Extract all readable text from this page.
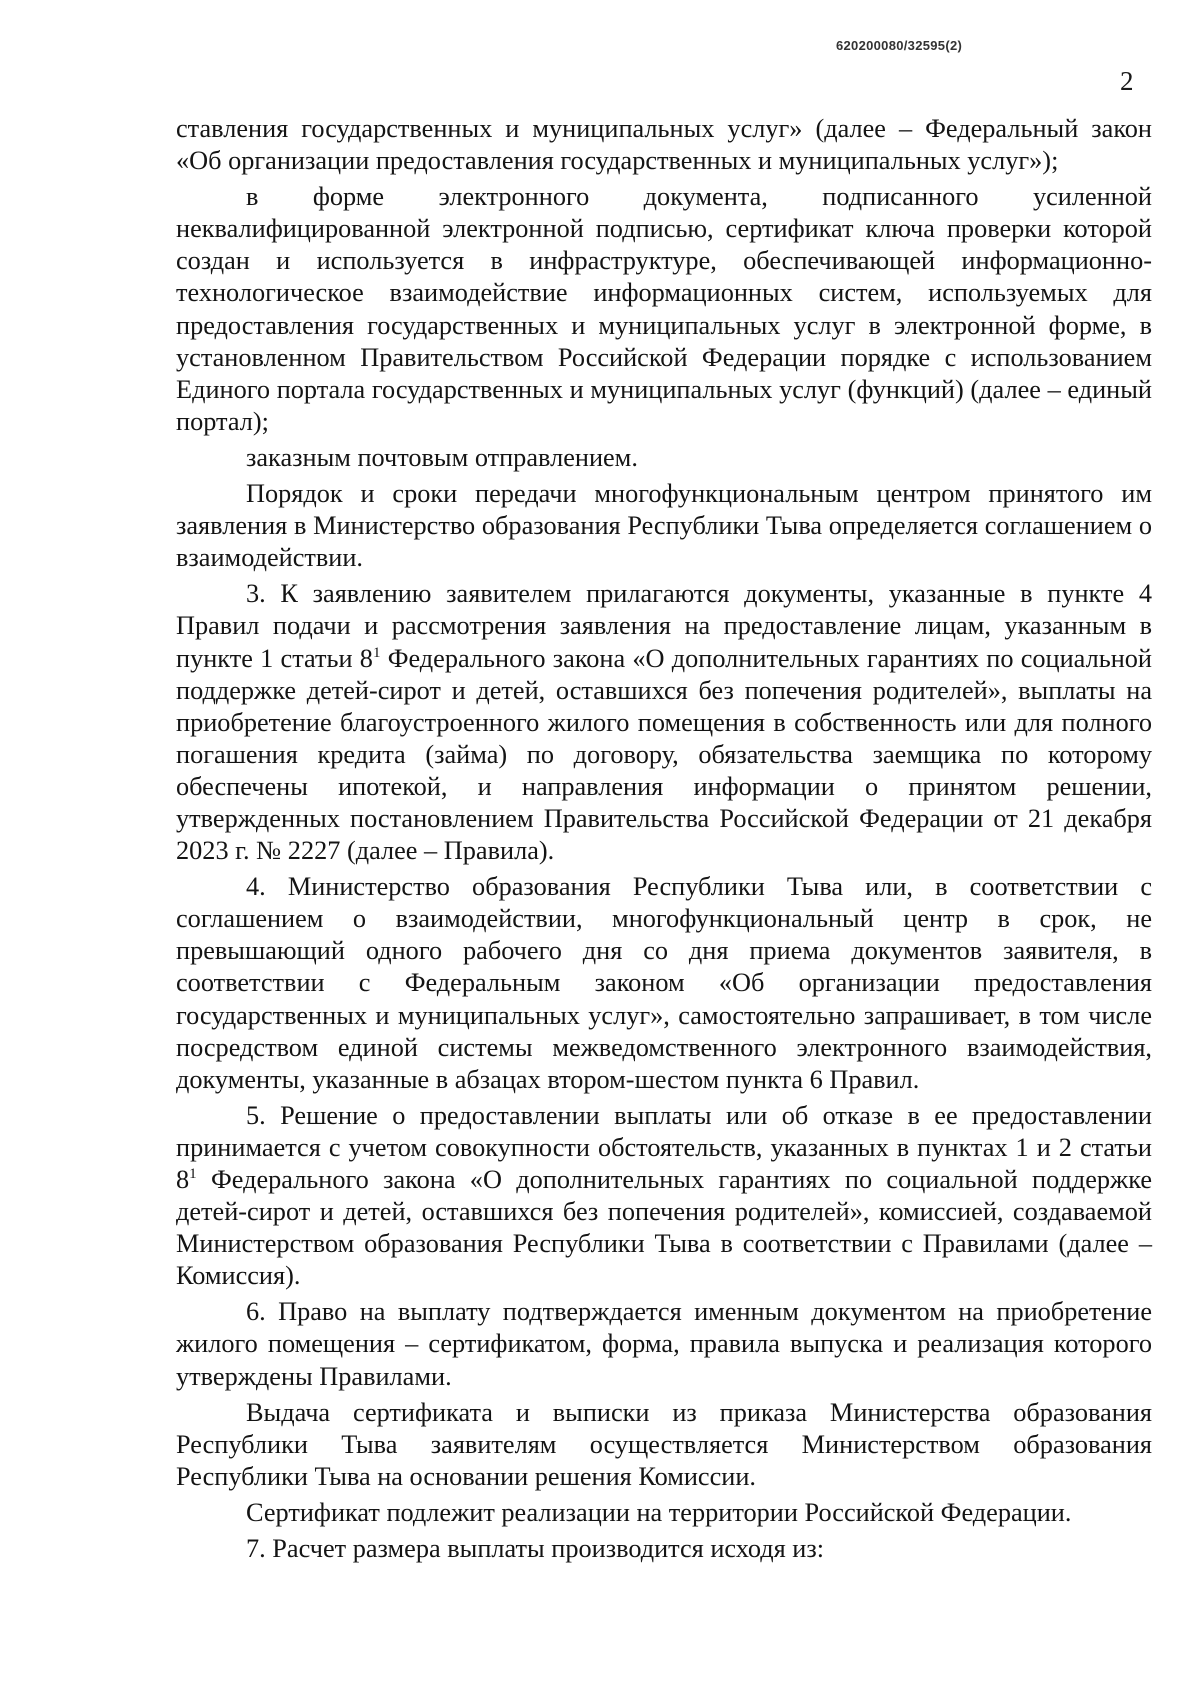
620200080/32595(2)
2

ставления государственных и муниципальных услуг» (далее – Федеральный закон «Об организации предоставления государственных и муниципальных услуг»);

в форме электронного документа, подписанного усиленной неквалифицированной электронной подписью, сертификат ключа проверки которой создан и используется в инфраструктуре, обеспечивающей информационно-технологическое взаимодействие информационных систем, используемых для предоставления государственных и муниципальных услуг в электронной форме, в установленном Правительством Российской Федерации порядке с использованием Единого портала государственных и муниципальных услуг (функций) (далее – единый портал);

заказным почтовым отправлением.

Порядок и сроки передачи многофункциональным центром принятого им заявления в Министерство образования Республики Тыва определяется соглашением о взаимодействии.

3. К заявлению заявителем прилагаются документы, указанные в пункте 4 Правил подачи и рассмотрения заявления на предоставление лицам, указанным в пункте 1 статьи $8^1$ Федерального закона «О дополнительных гарантиях по социальной поддержке детей-сирот и детей, оставшихся без попечения родителей», выплаты на приобретение благоустроенного жилого помещения в собственность или для полного погашения кредита (займа) по договору, обязательства заемщика по которому обеспечены ипотекой, и направления информации о принятом решении, утвержденных постановлением Правительства Российской Федерации от 21 декабря 2023 г. № 2227 (далее – Правила).

4. Министерство образования Республики Тыва или, в соответствии с соглашением о взаимодействии, многофункциональный центр в срок, не превышающий одного рабочего дня со дня приема документов заявителя, в соответствии с Федеральным законом «Об организации предоставления государственных и муниципальных услуг», самостоятельно запрашивает, в том числе посредством единой системы межведомственного электронного взаимодействия, документы, указанные в абзацах втором-шестом пункта 6 Правил.

5. Решение о предоставлении выплаты или об отказе в ее предоставлении принимается с учетом совокупности обстоятельств, указанных в пунктах 1 и 2 статьи $8^1$ Федерального закона «О дополнительных гарантиях по социальной поддержке детей-сирот и детей, оставшихся без попечения родителей», комиссией, создаваемой Министерством образования Республики Тыва в соответствии с Правилами (далее – Комиссия).

6. Право на выплату подтверждается именным документом на приобретение жилого помещения – сертификатом, форма, правила выпуска и реализация которого утверждены Правилами.

Выдача сертификата и выписки из приказа Министерства образования Республики Тыва заявителям осуществляется Министерством образования Республики Тыва на основании решения Комиссии.

Сертификат подлежит реализации на территории Российской Федерации.

7. Расчет размера выплаты производится исходя из:
